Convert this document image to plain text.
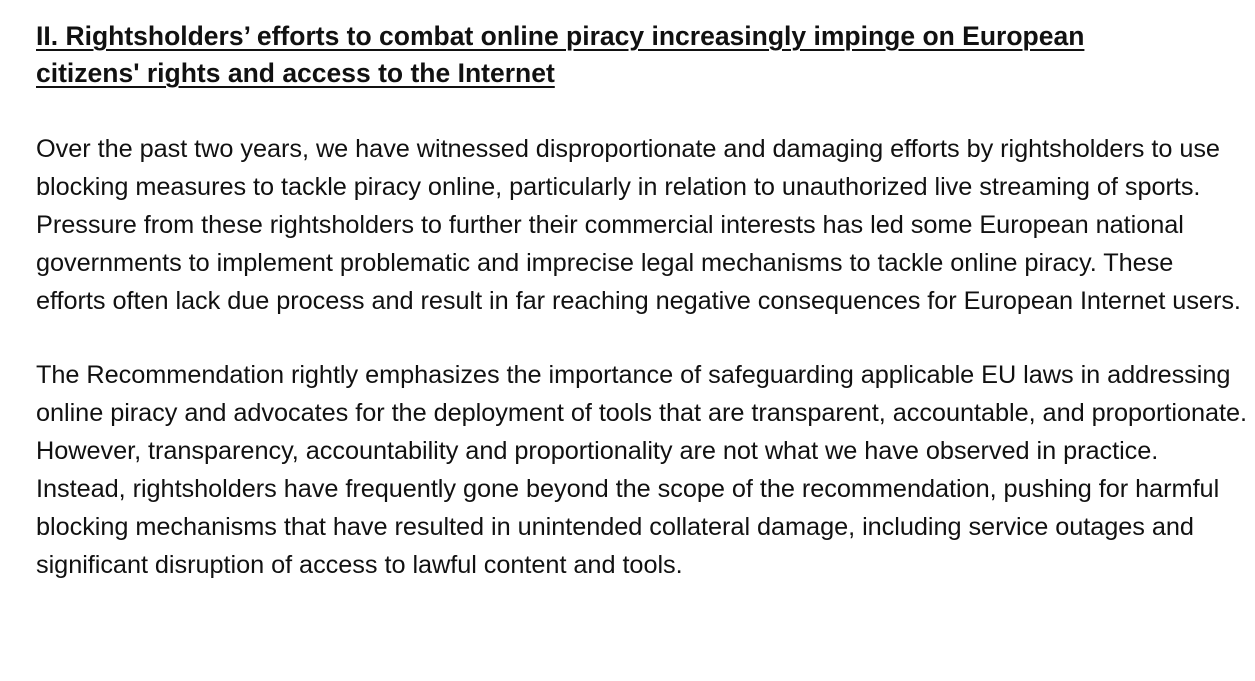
II. Rightsholders’ efforts to combat online piracy increasingly impinge on European citizens' rights and access to the Internet

Over the past two years, we have witnessed disproportionate and damaging efforts by rightsholders to use blocking measures to tackle piracy online, particularly in relation to unauthorized live streaming of sports. Pressure from these rightsholders to further their commercial interests has led some European national governments to implement problematic and imprecise legal mechanisms to tackle online piracy. These efforts often lack due process and result in far reaching negative consequences for European Internet users.

The Recommendation rightly emphasizes the importance of safeguarding applicable EU laws in addressing online piracy and advocates for the deployment of tools that are transparent, accountable, and proportionate. However, transparency, accountability and proportionality are not what we have observed in practice. Instead, rightsholders have frequently gone beyond the scope of the recommendation, pushing for harmful blocking mechanisms that have resulted in unintended collateral damage, including service outages and significant disruption of access to lawful content and tools.
